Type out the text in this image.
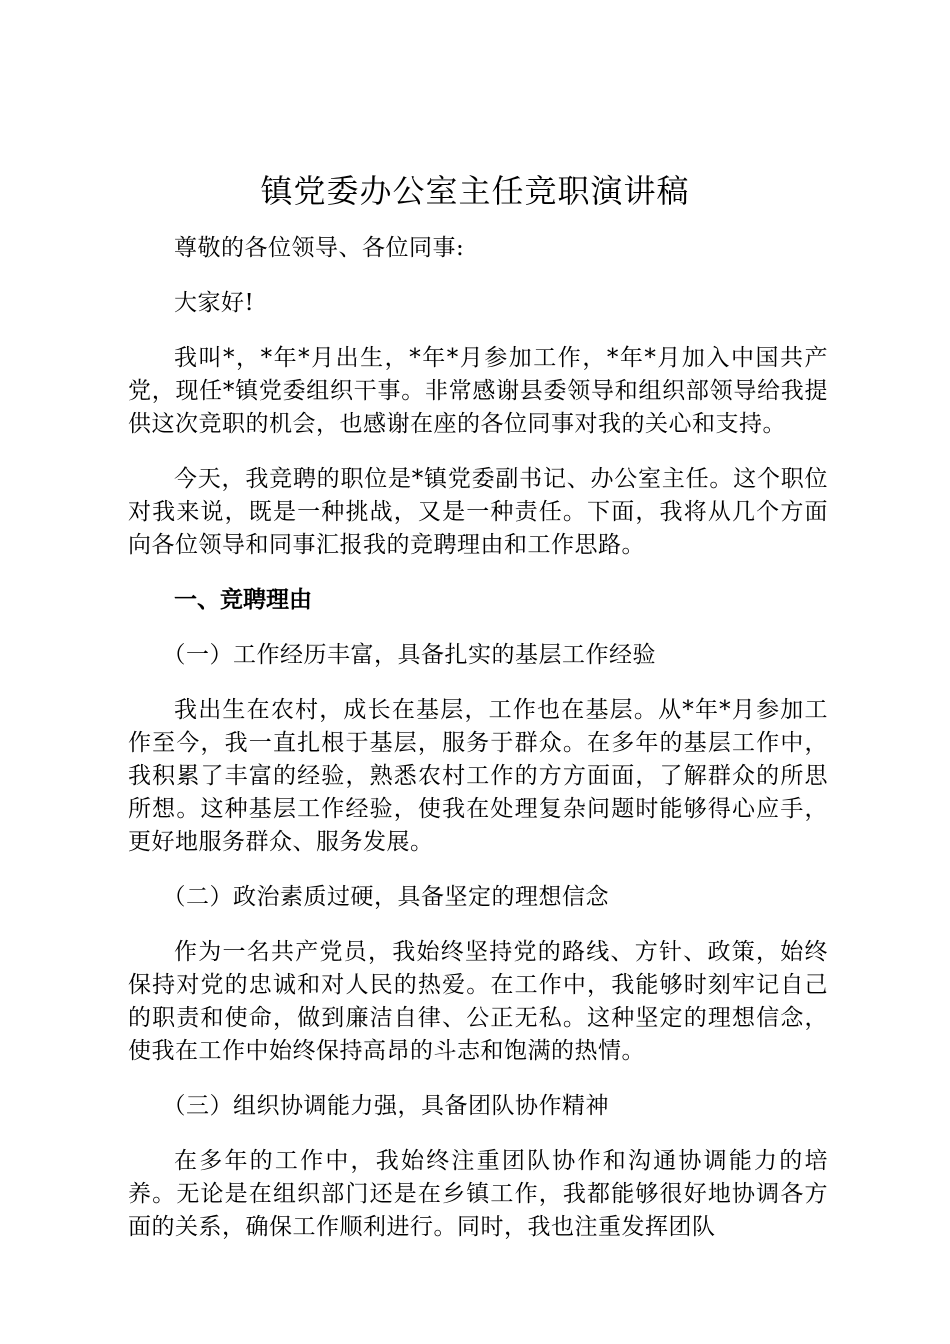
镇党委办公室主任竞职演讲稿

尊敬的各位领导、各位同事:

大家好!

我叫*，*年*月出生，*年*月参加工作，*年*月加入中国共产党，现任*镇党委组织干事。非常感谢县委领导和组织部领导给我提供这次竞职的机会，也感谢在座的各位同事对我的关心和支持。

今天，我竞聘的职位是*镇党委副书记、办公室主任。这个职位对我来说，既是一种挑战，又是一种责任。下面，我将从几个方面向各位领导和同事汇报我的竞聘理由和工作思路。

一、竞聘理由

（一）工作经历丰富，具备扎实的基层工作经验

我出生在农村，成长在基层，工作也在基层。从*年*月参加工作至今，我一直扎根于基层，服务于群众。在多年的基层工作中，我积累了丰富的经验，熟悉农村工作的方方面面，了解群众的所思所想。这种基层工作经验，使我在处理复杂问题时能够得心应手，更好地服务群众、服务发展。

（二）政治素质过硬，具备坚定的理想信念

作为一名共产党员，我始终坚持党的路线、方针、政策，始终保持对党的忠诚和对人民的热爱。在工作中，我能够时刻牢记自己的职责和使命，做到廉洁自律、公正无私。这种坚定的理想信念，使我在工作中始终保持高昂的斗志和饱满的热情。

（三）组织协调能力强，具备团队协作精神

在多年的工作中，我始终注重团队协作和沟通协调能力的培养。无论是在组织部门还是在乡镇工作，我都能够很好地协调各方面的关系，确保工作顺利进行。同时，我也注重发挥团队
